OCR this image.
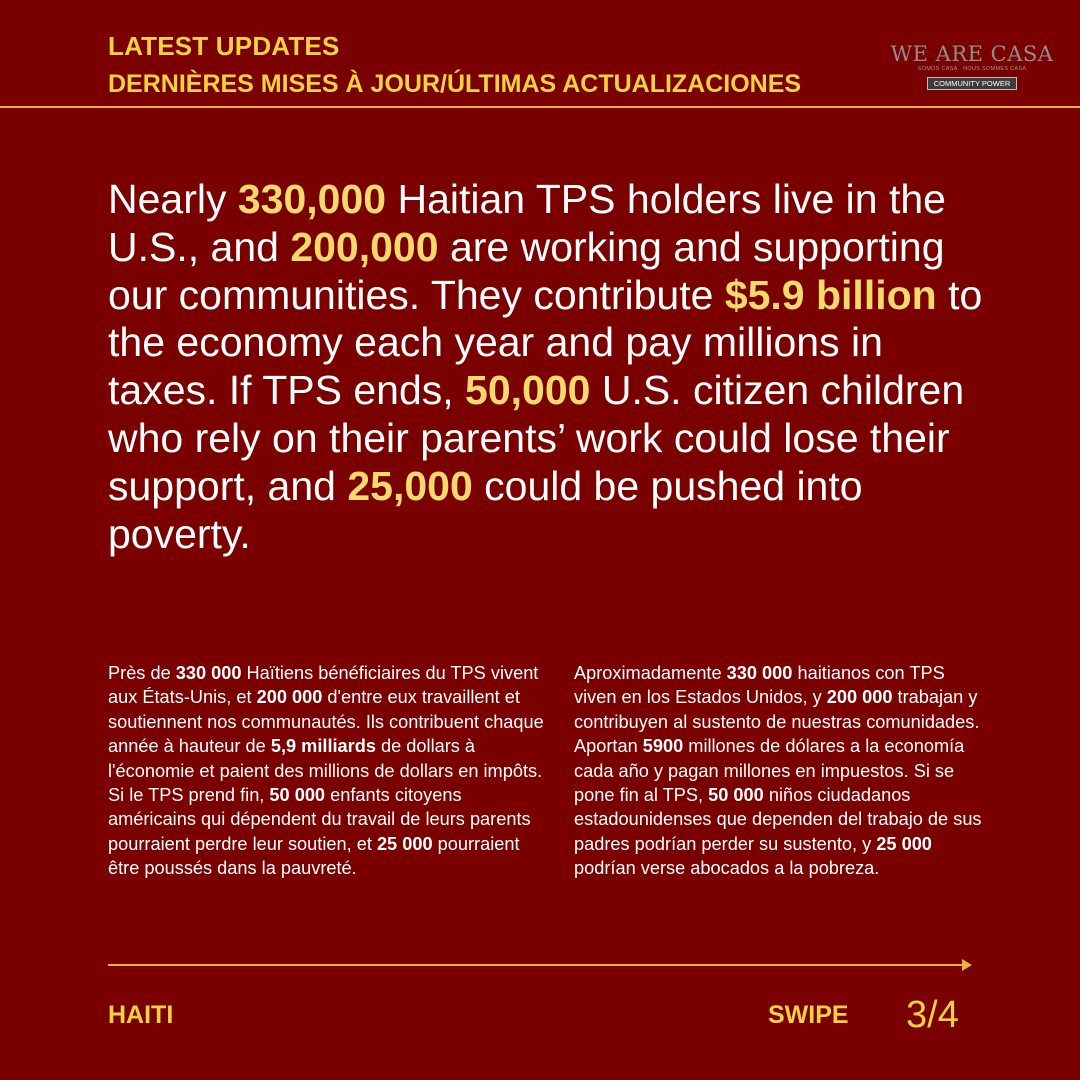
LATEST UPDATES
DERNIÈRES MISES À JOUR/ÚLTIMAS ACTUALIZACIONES
WE ARE CASA
SOMOS CASA · NOUS SOMMES CASA
COMMUNITY POWER
Nearly 330,000 Haitian TPS holders live in the U.S., and 200,000 are working and supporting our communities. They contribute $5.9 billion to the economy each year and pay millions in taxes. If TPS ends, 50,000 U.S. citizen children who rely on their parents’ work could lose their support, and 25,000 could be pushed into poverty.
Près de 330 000 Haïtiens bénéficiaires du TPS vivent aux États-Unis, et 200 000 d'entre eux travaillent et soutiennent nos communautés. Ils contribuent chaque année à hauteur de 5,9 milliards de dollars à l'économie et paient des millions de dollars en impôts. Si le TPS prend fin, 50 000 enfants citoyens américains qui dépendent du travail de leurs parents pourraient perdre leur soutien, et 25 000 pourraient être poussés dans la pauvreté.
Aproximadamente 330 000 haitianos con TPS viven en los Estados Unidos, y 200 000 trabajan y contribuyen al sustento de nuestras comunidades. Aportan 5900 millones de dólares a la economía cada año y pagan millones en impuestos. Si se pone fin al TPS, 50 000 niños ciudadanos estadounidenses que dependen del trabajo de sus padres podrían perder su sustento, y 25 000 podrían verse abocados a la pobreza.
HAITI	SWIPE 3/4
